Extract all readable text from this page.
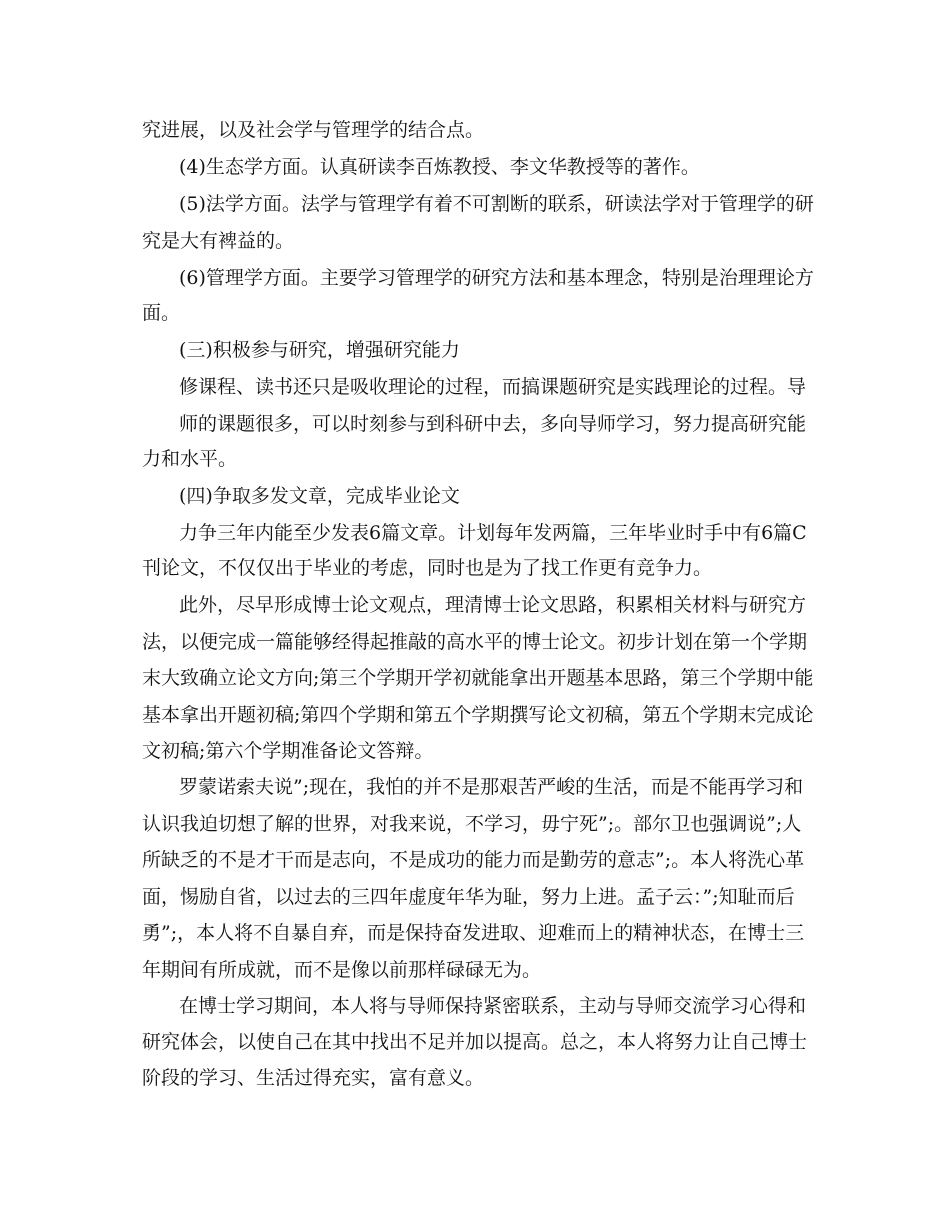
究进展，以及社会学与管理学的结合点。

(4)生态学方面。认真研读李百炼教授、李文华教授等的著作。

(5)法学方面。法学与管理学有着不可割断的联系，研读法学对于管理学的研

究是大有裨益的。

(6)管理学方面。主要学习管理学的研究方法和基本理念，特别是治理理论方

面。

(三)积极参与研究，增强研究能力

修课程、读书还只是吸收理论的过程，而搞课题研究是实践理论的过程。导

师的课题很多，可以时刻参与到科研中去，多向导师学习，努力提高研究能

力和水平。

(四)争取多发文章，完成毕业论文

力争三年内能至少发表6篇文章。计划每年发两篇，三年毕业时手中有6篇C

刊论文，不仅仅出于毕业的考虑，同时也是为了找工作更有竞争力。

此外，尽早形成博士论文观点，理清博士论文思路，积累相关材料与研究方

法，以便完成一篇能够经得起推敲的高水平的博士论文。初步计划在第一个学期

末大致确立论文方向;第三个学期开学初就能拿出开题基本思路，第三个学期中能

基本拿出开题初稿;第四个学期和第五个学期撰写论文初稿，第五个学期末完成论

文初稿;第六个学期准备论文答辩。

罗蒙诺索夫说”;现在，我怕的并不是那艰苦严峻的生活，而是不能再学习和

认识我迫切想了解的世界，对我来说，不学习，毋宁死”;。部尔卫也强调说”;人

所缺乏的不是才干而是志向，不是成功的能力而是勤劳的意志”;。本人将洗心革

面，惕励自省，以过去的三四年虚度年华为耻，努力上进。孟子云：”;知耻而后

勇”;，本人将不自暴自弃，而是保持奋发进取、迎难而上的精神状态，在博士三

年期间有所成就，而不是像以前那样碌碌无为。

在博士学习期间，本人将与导师保持紧密联系，主动与导师交流学习心得和

研究体会，以使自己在其中找出不足并加以提高。总之，本人将努力让自己博士

阶段的学习、生活过得充实，富有意义。
